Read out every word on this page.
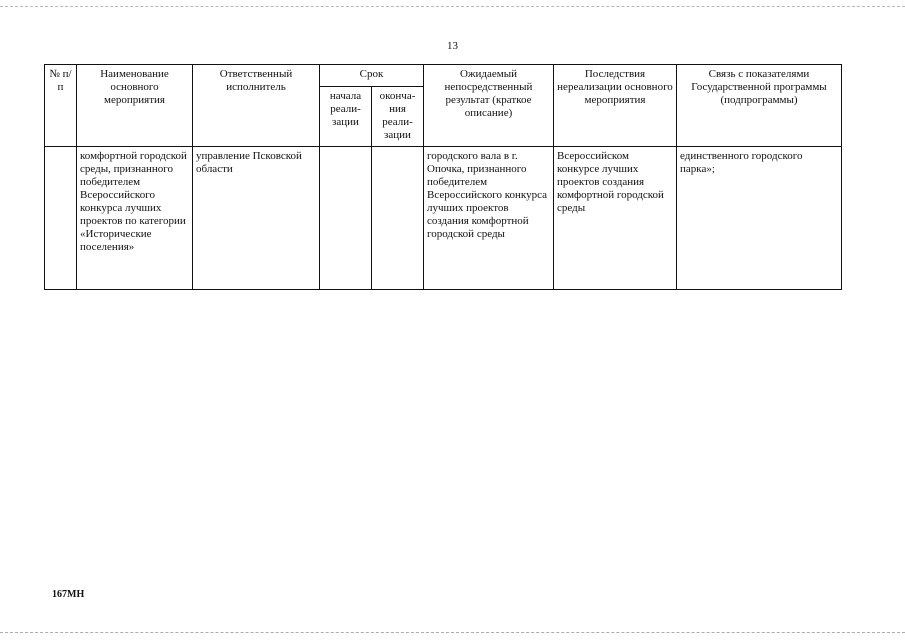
13
№ п/п	Наименование основного мероприятия	Ответственный исполнитель	Срок		Ожидаемый непосредственный результат (краткое описание)	Последствия нереализации основного мероприятия	Связь с показателями Государственной программы (подпрограммы)
			начала реали-зации	оконча-ния реали-зации			
	комфортной городской среды, признанного победителем Всероссийского конкурса лучших проектов по категории «Исторические поселения»	управление Псковской области			городского вала в г. Опочка, признанного победителем Всероссийского конкурса лучших проектов создания комфортной городской среды	Всероссийском конкурсе лучших проектов создания комфортной городской среды	единственного городского парка»;
167МН
